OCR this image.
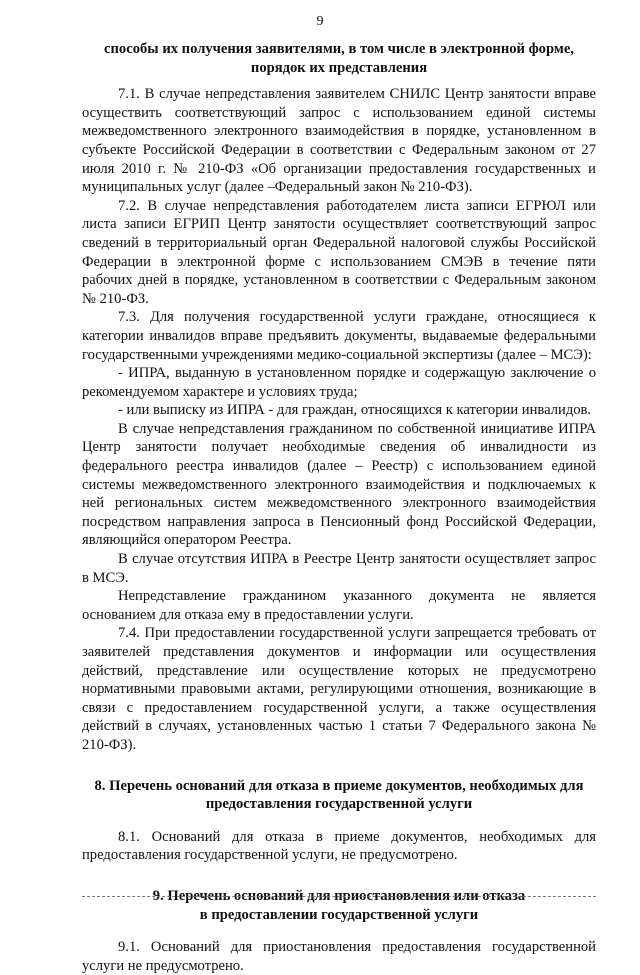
9

способы их получения заявителями, в том числе в электронной форме, порядок их представления

7.1. В случае непредставления заявителем СНИЛС Центр занятости вправе осуществить соответствующий запрос с использованием единой системы межведомственного электронного взаимодействия в порядке, установленном в субъекте Российской Федерации в соответствии с Федеральным законом от 27 июля 2010 г. № 210-ФЗ «Об организации предоставления государственных и муниципальных услуг (далее –Федеральный закон № 210-ФЗ).

7.2. В случае непредставления работодателем листа записи ЕГРЮЛ или листа записи ЕГРИП Центр занятости осуществляет соответствующий запрос сведений в территориальный орган Федеральной налоговой службы Российской Федерации в электронной форме с использованием СМЭВ в течение пяти рабочих дней в порядке, установленном в соответствии с Федеральным законом № 210-ФЗ.

7.3. Для получения государственной услуги граждане, относящиеся к категории инвалидов вправе предъявить документы, выдаваемые федеральными государственными учреждениями медико-социальной экспертизы (далее – МСЭ):

- ИПРА, выданную в установленном порядке и содержащую заключение о рекомендуемом характере и условиях труда;

- или выписку из ИПРА - для граждан, относящихся к категории инвалидов.

В случае непредставления гражданином по собственной инициативе ИПРА Центр занятости получает необходимые сведения об инвалидности из федерального реестра инвалидов (далее – Реестр) с использованием единой системы межведомственного электронного взаимодействия и подключаемых к ней региональных систем межведомственного электронного взаимодействия посредством направления запроса в Пенсионный фонд Российской Федерации, являющийся оператором Реестра.

В случае отсутствия ИПРА в Реестре Центр занятости осуществляет запрос в МСЭ.

Непредставление гражданином указанного документа не является основанием для отказа ему в предоставлении услуги.

7.4. При предоставлении государственной услуги запрещается требовать от заявителей представления документов и информации или осуществления действий, представление или осуществление которых не предусмотрено нормативными правовыми актами, регулирующими отношения, возникающие в связи с предоставлением государственной услуги, а также осуществления действий в случаях, установленных частью 1 статьи 7 Федерального закона № 210-ФЗ).

8. Перечень оснований для отказа в приеме документов, необходимых для предоставления государственной услуги

8.1. Оснований для отказа в приеме документов, необходимых для предоставления государственной услуги, не предусмотрено.

9. Перечень оснований для приостановления или отказа

в предоставлении государственной услуги

9.1. Оснований для приостановления предоставления государственной услуги не предусмотрено.
